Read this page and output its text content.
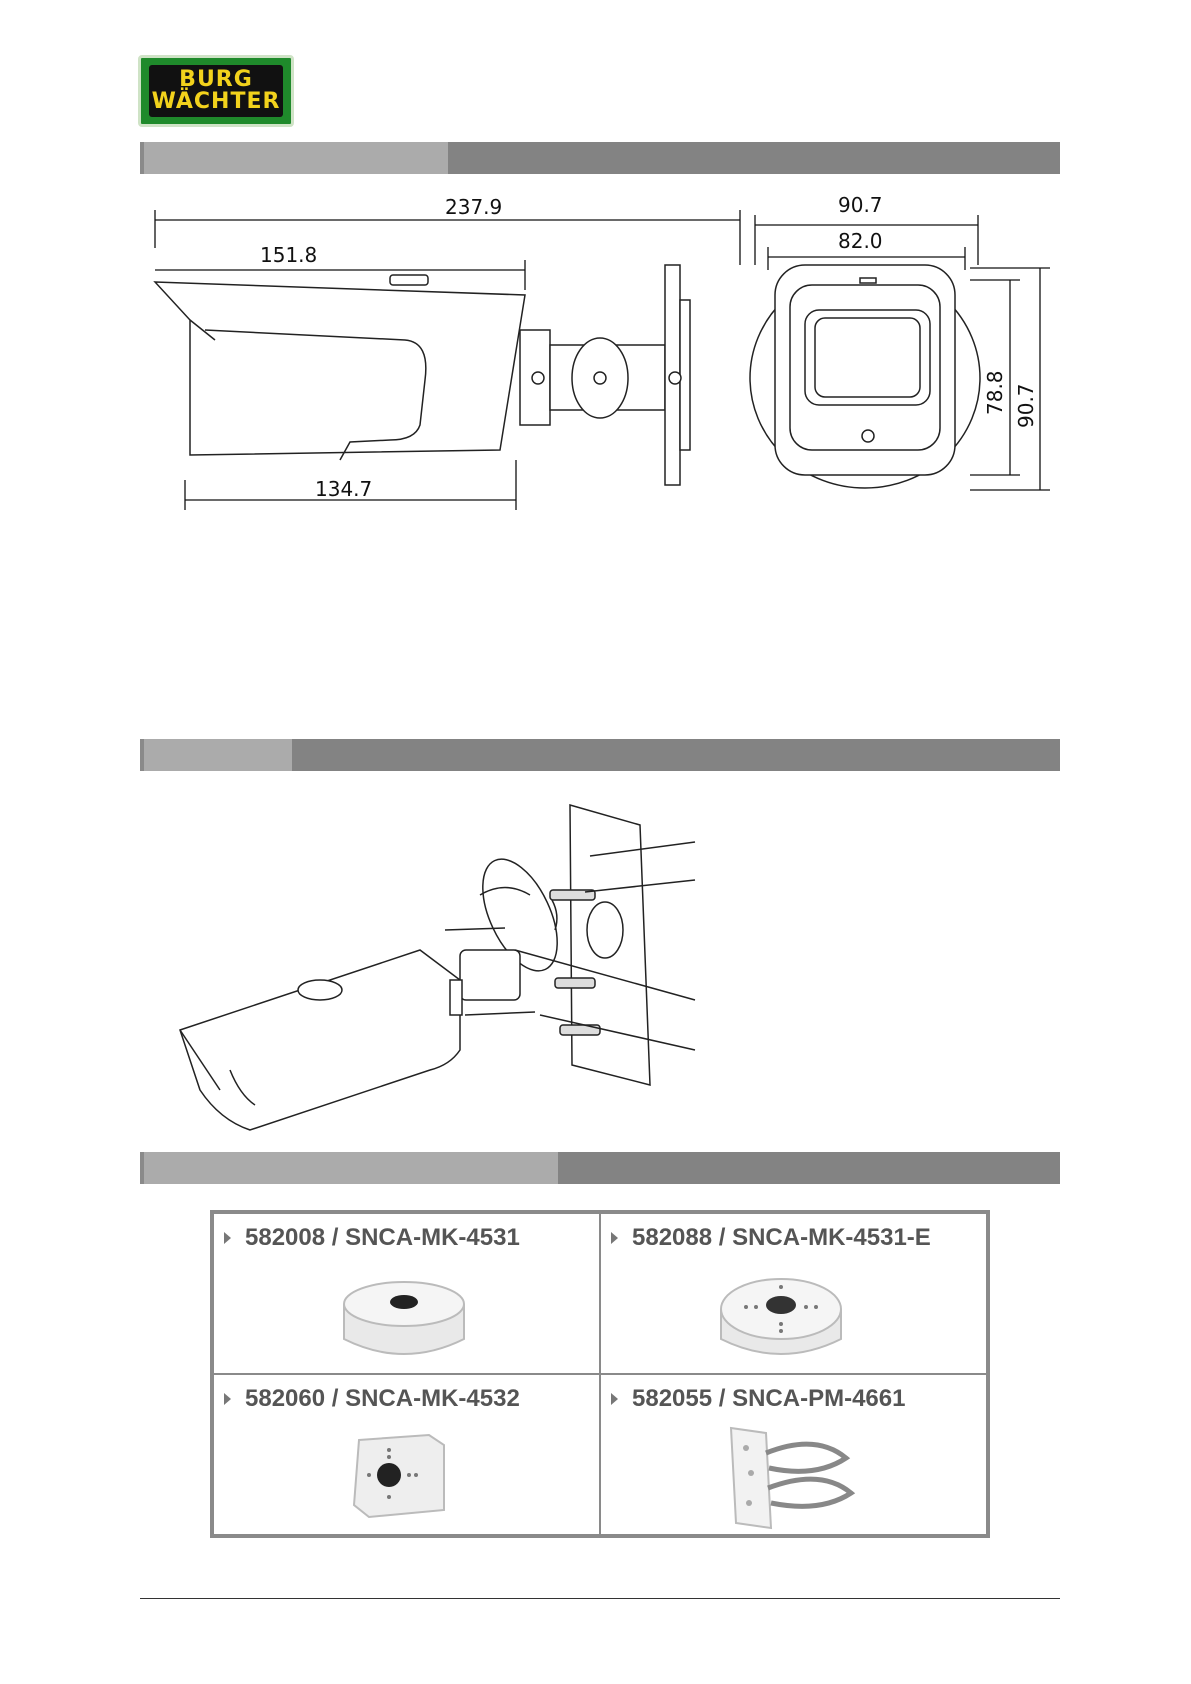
BURG
WÄCHTER
237.9
151.8
134.7
90.7
82.0
78.8 90.7
582008 / SNCA-MK-4531	582088 / SNCA-MK-4531-E
582060 / SNCA-MK-4532	582055 / SNCA-PM-4661
